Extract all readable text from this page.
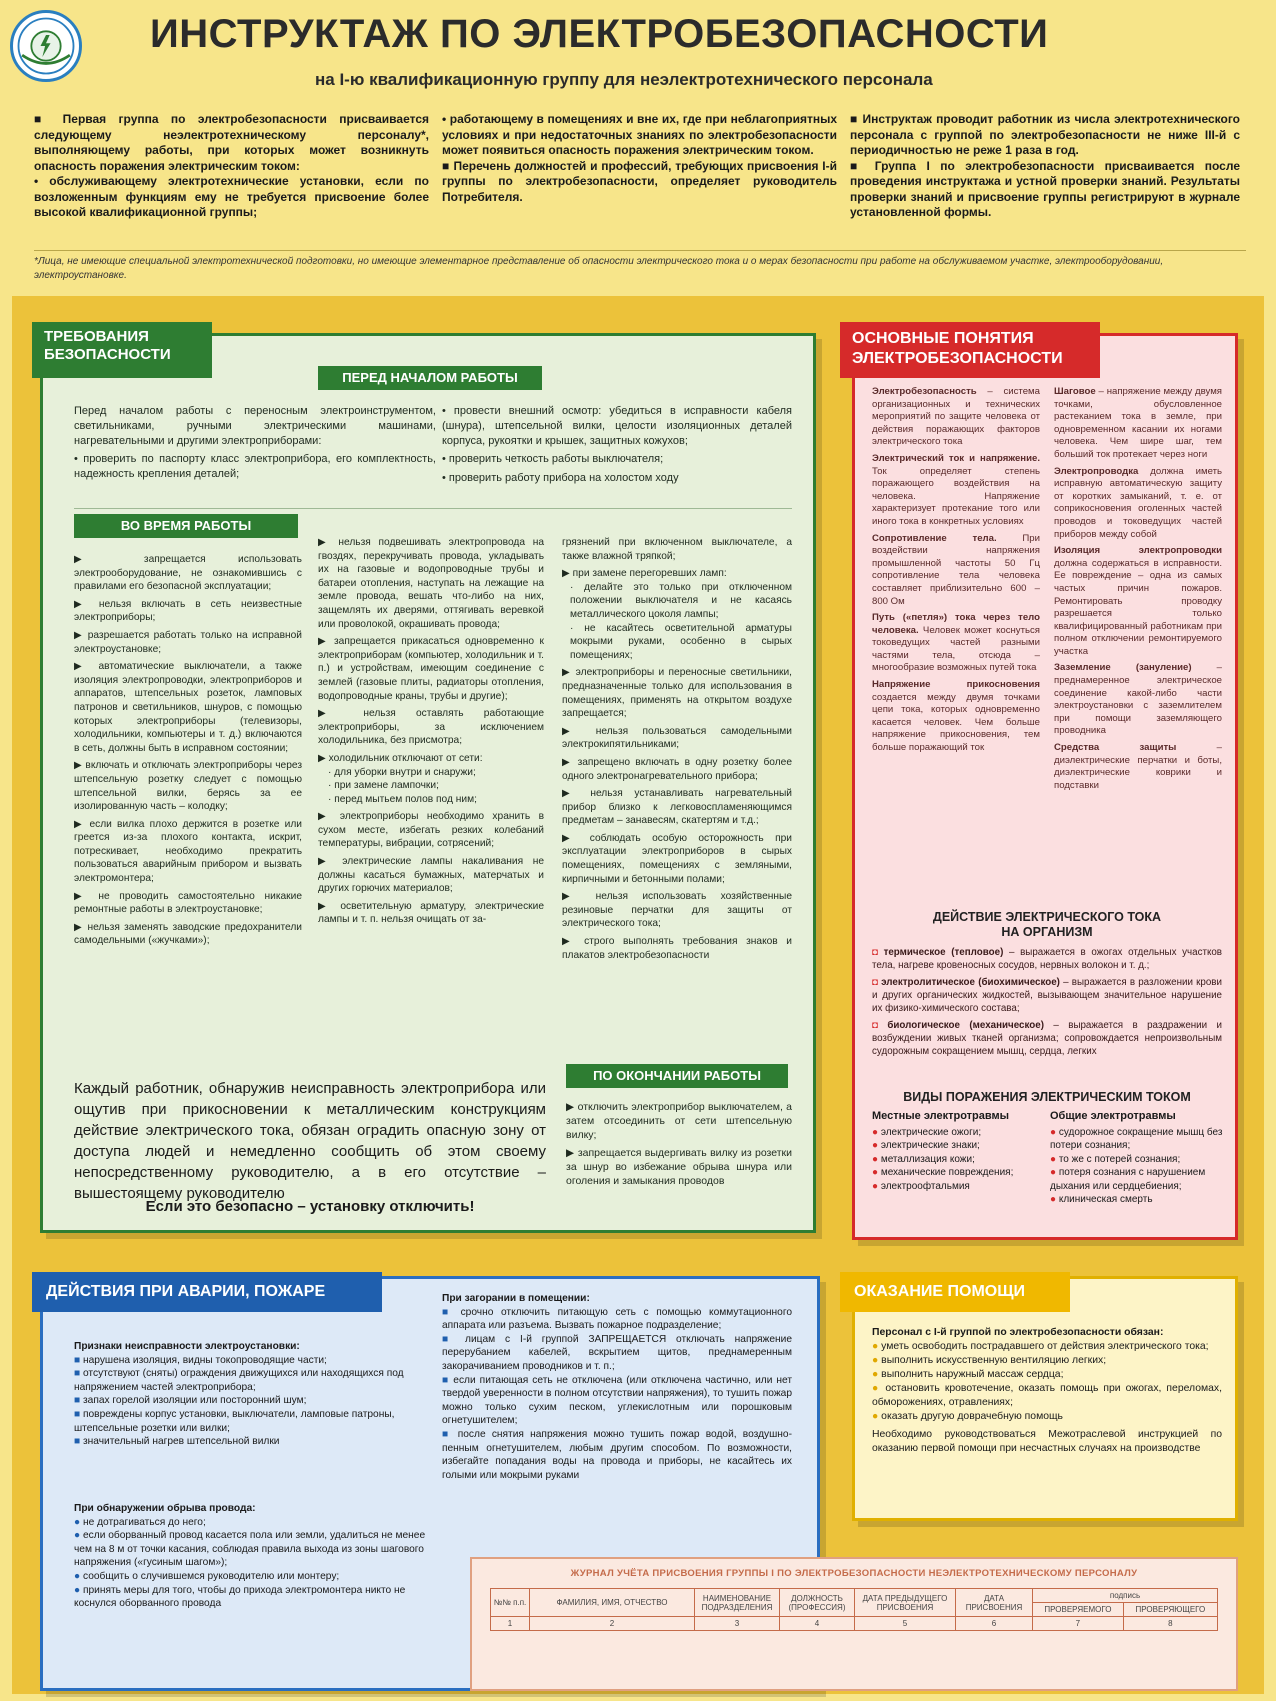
ИНСТРУКТАЖ ПО ЭЛЕКТРОБЕЗОПАСНОСТИ
на I-ю квалификационную группу для неэлектротехнического персонала

■ Первая группа по электробезопасности присваивается следующему неэлектротехническому персоналу*, выполняющему работы, при которых может возникнуть опасность поражения электрическим током:

• обслуживающему электротехнические установки, если по возложенным функциям ему не требуется присвоение более высокой квалификационной группы;

• работающему в помещениях и вне их, где при неблагоприятных условиях и при недостаточных знаниях по электробезопасности может появиться опасность поражения электрическим током.

■ Перечень должностей и профессий, требующих присвоения I-й группы по электробезопасности, определяет руководитель Потребителя.

■ Инструктаж проводит работник из числа электротехнического персонала с группой по электробезопасности не ниже III-й с периодичностью не реже 1 раза в год.

■ Группа I по электробезопасности присваивается после проведения инструктажа и устной проверки знаний. Результаты проверки знаний и присвоение группы регистрируют в журнале установленной формы.

*Лица, не имеющие специальной электротехнической подготовки, но имеющие элементарное представление об опасности электрического тока и о мерах безопасности при работе на обслуживаемом участке, электрооборудовании, электроустановке.
ТРЕБОВАНИЯ
БЕЗОПАСНОСТИ
ПЕРЕД НАЧАЛОМ РАБОТЫ

Перед началом работы с переносным электроинструментом, светильниками, ручными электрическими машинами, нагревательными и другими электроприборами:

• проверить по паспорту класс электроприбора, его комплектность, надежность крепления деталей;

• провести внешний осмотр: убедиться в исправности кабеля (шнура), штепсельной вилки, целости изоляционных деталей корпуса, рукоятки и крышек, защитных кожухов;

• проверить четкость работы выключателя;

• проверить работу прибора на холостом ходу

ВО ВРЕМЯ РАБОТЫ

▶ запрещается использовать электрооборудование, не ознакомившись с правилами его безопасной эксплуатации;

▶ нельзя включать в сеть неизвестные электроприборы;

▶ разрешается работать только на исправной электроустановке;

▶ автоматические выключатели, а также изоляция электропроводки, электроприборов и аппаратов, штепсельных розеток, ламповых патронов и светильников, шнуров, с помощью которых электроприборы (телевизоры, холодильники, компьютеры и т. д.) включаются в сеть, должны быть в исправном состоянии;

▶ включать и отключать электроприборы через штепсельную розетку следует с помощью штепсельной вилки, берясь за ее изолированную часть – колодку;

▶ если вилка плохо держится в розетке или греется из-за плохого контакта, искрит, потрескивает, необходимо прекратить пользоваться аварийным прибором и вызвать электромонтера;

▶ не проводить самостоятельно никакие ремонтные работы в электроустановке;

▶ нельзя заменять заводские предохранители самодельными («жучками»);

▶ нельзя подвешивать электропровода на гвоздях, перекручивать провода, укладывать их на газовые и водопроводные трубы и батареи отопления, наступать на лежащие на земле провода, вешать что-либо на них, защемлять их дверями, оттягивать веревкой или проволокой, окрашивать провода;

▶ запрещается прикасаться одновременно к электроприборам (компьютер, холодильник и т. п.) и устройствам, имеющим соединение с землей (газовые плиты, радиаторы отопления, водопроводные краны, трубы и другие);

▶ нельзя оставлять работающие электроприборы, за исключением холодильника, без присмотра;

▶ холодильник отключают от сети:

· для уборки внутри и снаружи;

· при замене лампочки;

· перед мытьем полов под ним;

▶ электроприборы необходимо хранить в сухом месте, избегать резких колебаний температуры, вибрации, сотрясений;

▶ электрические лампы накаливания не должны касаться бумажных, матерчатых и других горючих материалов;

▶ осветительную арматуру, электрические лампы и т. п. нельзя очищать от за-

грязнений при включенном выключателе, а также влажной тряпкой;

▶ при замене перегоревших ламп:

· делайте это только при отключенном положении выключателя и не касаясь металлического цоколя лампы;

· не касайтесь осветительной арматуры мокрыми руками, особенно в сырых помещениях;

▶ электроприборы и переносные светильники, предназначенные только для использования в помещениях, применять на открытом воздухе запрещается;

▶ нельзя пользоваться самодельными электрокипятильниками;

▶ запрещено включать в одну розетку более одного электронагревательного прибора;

▶ нельзя устанавливать нагревательный прибор близко к легковоспламеняющимся предметам – занавесям, скатертям и т.д.;

▶ соблюдать особую осторожность при эксплуатации электроприборов в сырых помещениях, помещениях с земляными, кирпичными и бетонными полами;

▶ нельзя использовать хозяйственные резиновые перчатки для защиты от электрического тока;

▶ строго выполнять требования знаков и плакатов электробезопасности

ПО ОКОНЧАНИИ РАБОТЫ

▶ отключить электроприбор выключателем, а затем отсоединить от сети штепсельную вилку;

▶ запрещается выдергивать вилку из розетки за шнур во избежание обрыва шнура или оголения и замыкания проводов

Каждый работник, обнаружив неисправность электроприбора или ощутив при прикосновении к металлическим конструкциям действие электрического тока, обязан оградить опасную зону от доступа людей и немедленно сообщить об этом своему непосредственному руководителю, а в его отсутствие – вышестоящему руководителю
Если это безопасно – установку отключить!
ОСНОВНЫЕ ПОНЯТИЯ
ЭЛЕКТРОБЕЗОПАСНОСТИ

Электробезопасность – система организационных и технических мероприятий по защите человека от действия поражающих факторов электрического тока

Электрический ток и напряжение. Ток определяет степень поражающего воздействия на человека. Напряжение характеризует протекание того или иного тока в конкретных условиях

Сопротивление тела. При воздействии напряжения промышленной частоты 50 Гц сопротивление тела человека составляет приблизительно 600 – 800 Ом

Путь («петля») тока через тело человека. Человек может коснуться токоведущих частей разными частями тела, отсюда – многообразие возможных путей тока

Напряжение прикосновения создается между двумя точками цепи тока, которых одновременно касается человек. Чем больше напряжение прикосновения, тем больше поражающий ток

Шаговое – напряжение между двумя точками, обусловленное растеканием тока в земле, при одновременном касании их ногами человека. Чем шире шаг, тем больший ток протекает через ноги

Электропроводка должна иметь исправную автоматическую защиту от коротких замыканий, т. е. от соприкосновения оголенных частей проводов и токоведущих частей приборов между собой

Изоляция электропроводки должна содержаться в исправности. Ее повреждение – одна из самых частых причин пожаров. Ремонтировать проводку разрешается только квалифицированный работникам при полном отключении ремонтируемого участка

Заземление (зануление) – преднамеренное электрическое соединение какой-либо части электроустановки с заземлителем при помощи заземляющего проводника

Средства защиты – диэлектрические перчатки и боты, диэлектрические коврики и подставки

ДЕЙСТВИЕ ЭЛЕКТРИЧЕСКОГО ТОКА
НА ОРГАНИЗМ

◘ термическое (тепловое) – выражается в ожогах отдельных участков тела, нагреве кровеносных сосудов, нервных волокон и т. д.;

◘ электролитическое (биохимическое) – выражается в разложении крови и других органических жидкостей, вызывающем значительное нарушение их физико-химического состава;

◘ биологическое (механическое) – выражается в раздражении и возбуждении живых тканей организма; сопровождается непроизвольным судорожным сокращением мышц, сердца, легких

ВИДЫ ПОРАЖЕНИЯ ЭЛЕКТРИЧЕСКИМ ТОКОМ
Местные электротравмы
● электрические ожоги;
● электрические знаки;
● металлизация кожи;
● механические повреждения;
● электроофтальмия
Общие электротравмы
● судорожное сокращение мышц без потери сознания;
● то же с потерей сознания;
● потеря сознания с нарушением дыхания или сердцебиения;
● клиническая смерть
ДЕЙСТВИЯ ПРИ АВАРИИ, ПОЖАРЕ
Признаки неисправности электроустановки:
■ нарушена изоляция, видны токопроводящие части;
■ отсутствуют (сняты) ограждения движущихся или находящихся под напряжением частей электроприбора;
■ запах горелой изоляции или посторонний шум;
■ повреждены корпус установки, выключатели, ламповые патроны, штепсельные розетки или вилки;
■ значительный нагрев штепсельной вилки
При обнаружении обрыва провода:
● не дотрагиваться до него;
● если оборванный провод касается пола или земли, удалиться не менее чем на 8 м от точки касания, соблюдая правила выхода из зоны шагового напряжения («гусиным шагом»);
● сообщить о случившемся руководителю или монтеру;
● принять меры для того, чтобы до прихода электромонтера никто не коснулся оборванного провода
При загорании в помещении:
■ срочно отключить питающую сеть с помощью коммутационного аппарата или разъема. Вызвать пожарное подразделение;
■ лицам с I-й группой ЗАПРЕЩАЕТСЯ отключать напряжение перерубанием кабелей, вскрытием щитов, преднамеренным закорачиванием проводников и т. п.;
■ если питающая сеть не отключена (или отключена частично, или нет твердой уверенности в полном отсутствии напряжения), то тушить пожар можно только сухим песком, углекислотным или порошковым огнетушителем;
■ после снятия напряжения можно тушить пожар водой, воздушно-пенным огнетушителем, любым другим способом. По возможности, избегайте попадания воды на провода и приборы, не касайтесь их голыми или мокрыми руками
ОКАЗАНИЕ ПОМОЩИ
Персонал с I-й группой по электробезопасности обязан:
● уметь освободить пострадавшего от действия электрического тока;
● выполнить искусственную вентиляцию легких;
● выполнить наружный массаж сердца;
● остановить кровотечение, оказать помощь при ожогах, переломах, обморожениях, отравлениях;
● оказать другую доврачебную помощь
Необходимо руководствоваться Межотраслевой инструкцией по оказанию первой помощи при несчастных случаях на производстве
ЖУРНАЛ УЧЁТА ПРИСВОЕНИЯ ГРУППЫ I ПО ЭЛЕКТРОБЕЗОПАСНОСТИ НЕЭЛЕКТРОТЕХНИЧЕСКОМУ ПЕРСОНАЛУ
№№ п.п.	ФАМИЛИЯ, ИМЯ, ОТЧЕСТВО	НАИМЕНОВАНИЕ ПОДРАЗДЕЛЕНИЯ	ДОЛЖНОСТЬ (ПРОФЕССИЯ)	ДАТА ПРЕДЫДУЩЕГО ПРИСВОЕНИЯ	ДАТА ПРИСВОЕНИЯ	подпись	
						ПРОВЕРЯЕМОГО	ПРОВЕРЯЮЩЕГО
1	2	3	4	5	6	7	8
